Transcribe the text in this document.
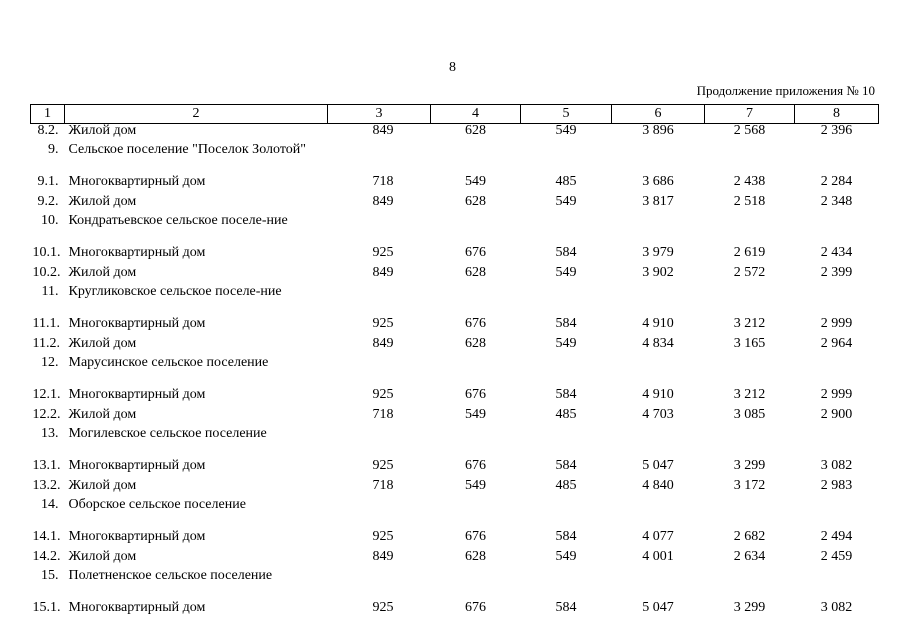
8
Продолжение приложения № 10
1	2	3	4	5	6	7	8
8.2.	Жилой дом	849	628	549	3 896	2 568	2 396
9.	Сельское поселение "Поселок Золотой"						
9.1.	Многоквартирный дом	718	549	485	3 686	2 438	2 284
9.2.	Жилой дом	849	628	549	3 817	2 518	2 348
10.	Кондратьевское сельское поселе-ние						
10.1.	Многоквартирный дом	925	676	584	3 979	2 619	2 434
10.2.	Жилой дом	849	628	549	3 902	2 572	2 399
11.	Кругликовское сельское поселе-ние						
11.1.	Многоквартирный дом	925	676	584	4 910	3 212	2 999
11.2.	Жилой дом	849	628	549	4 834	3 165	2 964
12.	Марусинское сельское поселение						
12.1.	Многоквартирный дом	925	676	584	4 910	3 212	2 999
12.2.	Жилой дом	718	549	485	4 703	3 085	2 900
13.	Могилевское сельское поселение						
13.1.	Многоквартирный дом	925	676	584	5 047	3 299	3 082
13.2.	Жилой дом	718	549	485	4 840	3 172	2 983
14.	Оборское сельское поселение						
14.1.	Многоквартирный дом	925	676	584	4 077	2 682	2 494
14.2.	Жилой дом	849	628	549	4 001	2 634	2 459
15.	Полетненское сельское поселение						
15.1.	Многоквартирный дом	925	676	584	5 047	3 299	3 082
